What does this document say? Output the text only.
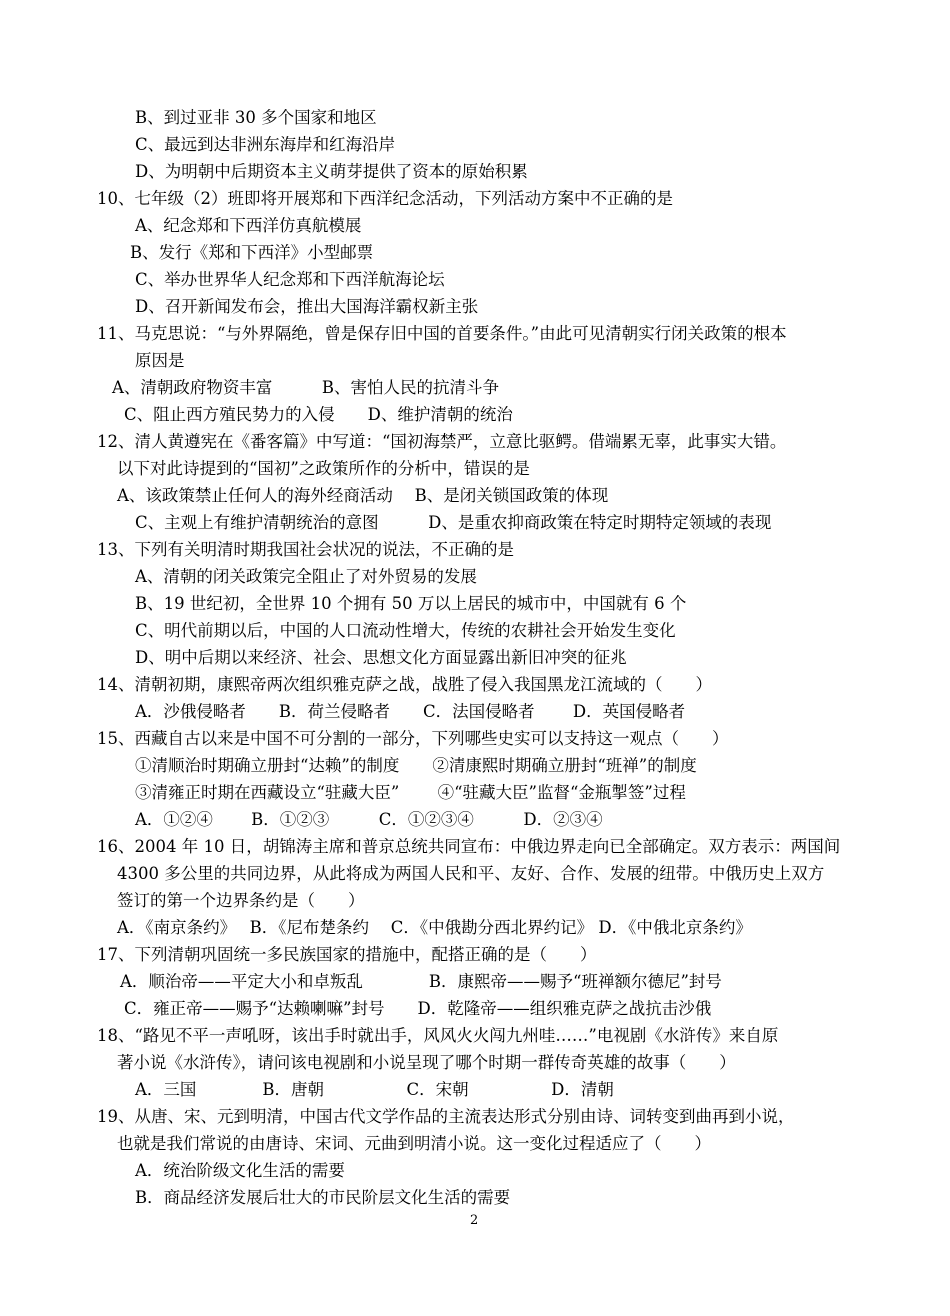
B、到过亚非 30 多个国家和地区
C、最远到达非洲东海岸和红海沿岸
D、为明朝中后期资本主义萌芽提供了资本的原始积累
10、七年级（2）班即将开展郑和下西洋纪念活动，下列活动方案中不正确的是
A、纪念郑和下西洋仿真航模展
B、发行《郑和下西洋》小型邮票
C、举办世界华人纪念郑和下西洋航海论坛
D、召开新闻发布会，推出大国海洋霸权新主张
11、马克思说：“与外界隔绝，曾是保存旧中国的首要条件。”由此可见清朝实行闭关政策的根本
原因是
A、清朝政府物资丰富　　　B、害怕人民的抗清斗争
C、阻止西方殖民势力的入侵　　D、维护清朝的统治
12、清人黄遵宪在《番客篇》中写道：“国初海禁严，立意比驱鳄。借端累无辜，此事实大错。
以下对此诗提到的“国初”之政策所作的分析中，错误的是
A、该政策禁止任何人的海外经商活动　 B、是闭关锁国政策的体现
C、主观上有维护清朝统治的意图　　　D、是重农抑商政策在特定时期特定领域的表现
13、下列有关明清时期我国社会状况的说法，不正确的是
A、清朝的闭关政策完全阻止了对外贸易的发展
B、19 世纪初，全世界 10 个拥有 50 万以上居民的城市中，中国就有 6 个
C、明代前期以后，中国的人口流动性增大，传统的农耕社会开始发生变化
D、明中后期以来经济、社会、思想文化方面显露出新旧冲突的征兆
14、清朝初期，康熙帝两次组织雅克萨之战，战胜了侵入我国黑龙江流域的（　　）
A．沙俄侵略者　　B．荷兰侵略者　　C．法国侵略者　　 D．英国侵略者
15、西藏自古以来是中国不可分割的一部分，下列哪些史实可以支持这一观点（　　）
①清顺治时期确立册封“达赖”的制度　　②清康熙时期确立册封“班禅”的制度
③清雍正时期在西藏设立“驻藏大臣”　　 ④“驻藏大臣”监督“金瓶掣签”过程
A．①②④　　 B．①②③　　　C．①②③④　　　D．②③④
16、2004 年 10 日，胡锦涛主席和普京总统共同宣布：中俄边界走向已全部确定。双方表示：两国间
4300 多公里的共同边界，从此将成为两国人民和平、友好、合作、发展的纽带。中俄历史上双方
签订的第一个边界条约是（　　）
A．《南京条约》　 B．《尼布楚条约　 C．《中俄勘分西北界约记》 D．《中俄北京条约》
17、下列清朝巩固统一多民族国家的措施中，配搭正确的是（　　）
A．顺治帝——平定大小和卓叛乱　　　　B．康熙帝——赐予“班禅额尔德尼”封号
C．雍正帝——赐予“达赖喇嘛”封号　　D．乾隆帝——组织雅克萨之战抗击沙俄
18、“路见不平一声吼呀，该出手时就出手，风风火火闯九州哇……”电视剧《水浒传》来自原
著小说《水浒传》，请问该电视剧和小说呈现了哪个时期一群传奇英雄的故事（　　）
A．三国　　　　B．唐朝　　　　　C．宋朝　　　　　D．清朝
19、从唐、宋、元到明清，中国古代文学作品的主流表达形式分别由诗、词转变到曲再到小说，
也就是我们常说的由唐诗、宋词、元曲到明清小说。这一变化过程适应了（　　）
A．统治阶级文化生活的需要
B．商品经济发展后壮大的市民阶层文化生活的需要
2
